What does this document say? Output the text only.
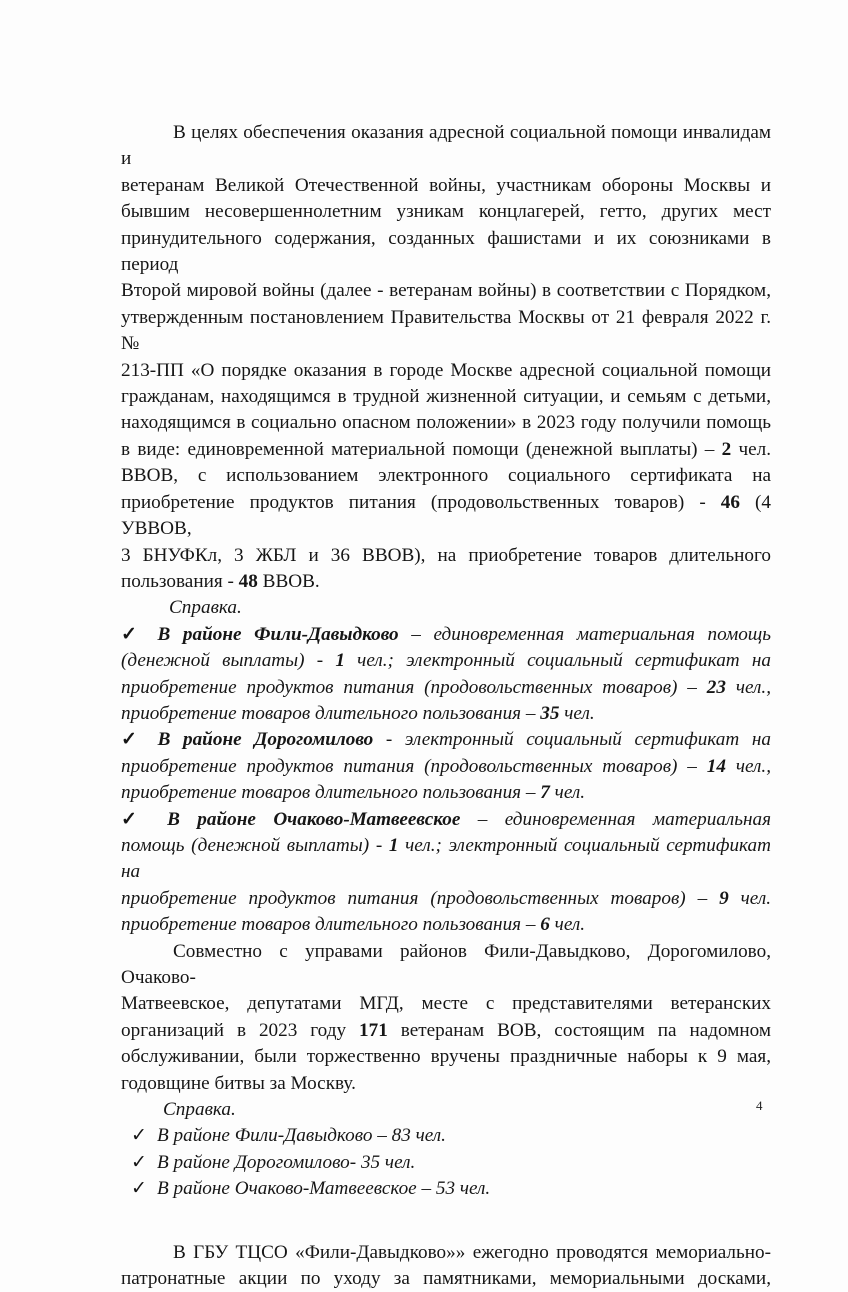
В целях обеспечения оказания адресной социальной помощи инвалидам и

ветеранам Великой Отечественной войны, участникам обороны Москвы и

бывшим несовершеннолетним узникам концлагерей, гетто, других мест

принудительного содержания, созданных фашистами и их союзниками в период

Второй мировой войны (далее - ветеранам войны) в соответствии с Порядком,

утвержденным постановлением Правительства Москвы от 21 февраля 2022 г. №

213-ПП «О порядке оказания в городе Москве адресной социальной помощи

гражданам, находящимся в трудной жизненной ситуации, и семьям с детьми,

находящимся в социально опасном положении» в 2023 году получили помощь

в виде: единовременной материальной помощи (денежной выплаты) – 2 чел.

ВВОВ, с использованием электронного социального сертификата на

приобретение продуктов питания (продовольственных товаров) - 46 (4 УВВОВ,

3 БНУФКл, 3 ЖБЛ и 36 ВВОВ), на приобретение товаров длительного

пользования - 48 ВВОВ.

Справка.

✓ В районе Фили-Давыдково – единовременная материальная помощь

(денежной выплаты) - 1 чел.; электронный социальный сертификат на

приобретение продуктов питания (продовольственных товаров) – 23 чел.,

приобретение товаров длительного пользования – 35 чел.

✓ В районе Дорогомилово - электронный социальный сертификат на

приобретение продуктов питания (продовольственных товаров) – 14 чел.,

приобретение товаров длительного пользования – 7 чел.

✓ В районе Очаково-Матвеевское – единовременная материальная

помощь (денежной выплаты) - 1 чел.; электронный социальный сертификат на

приобретение продуктов питания (продовольственных товаров) – 9 чел.

приобретение товаров длительного пользования – 6 чел.

Совместно с управами районов Фили-Давыдково, Дорогомилово, Очаково-

Матвеевское, депутатами МГД, месте с представителями ветеранских

организаций в 2023 году 171 ветеранам ВОВ, состоящим па надомном

обслуживании, были торжественно вручены праздничные наборы к 9 мая,

годовщине битвы за Москву.

Справка.

✓ В районе Фили-Давыдково – 83 чел.
✓ В районе Дорогомилово- 35 чел.
✓ В районе Очаково-Матвеевское – 53 чел.

В ГБУ ТЦСО «Фили-Давыдково»» ежегодно проводятся мемориально-

патронатные акции по уходу за памятниками, мемориальными досками,

4
